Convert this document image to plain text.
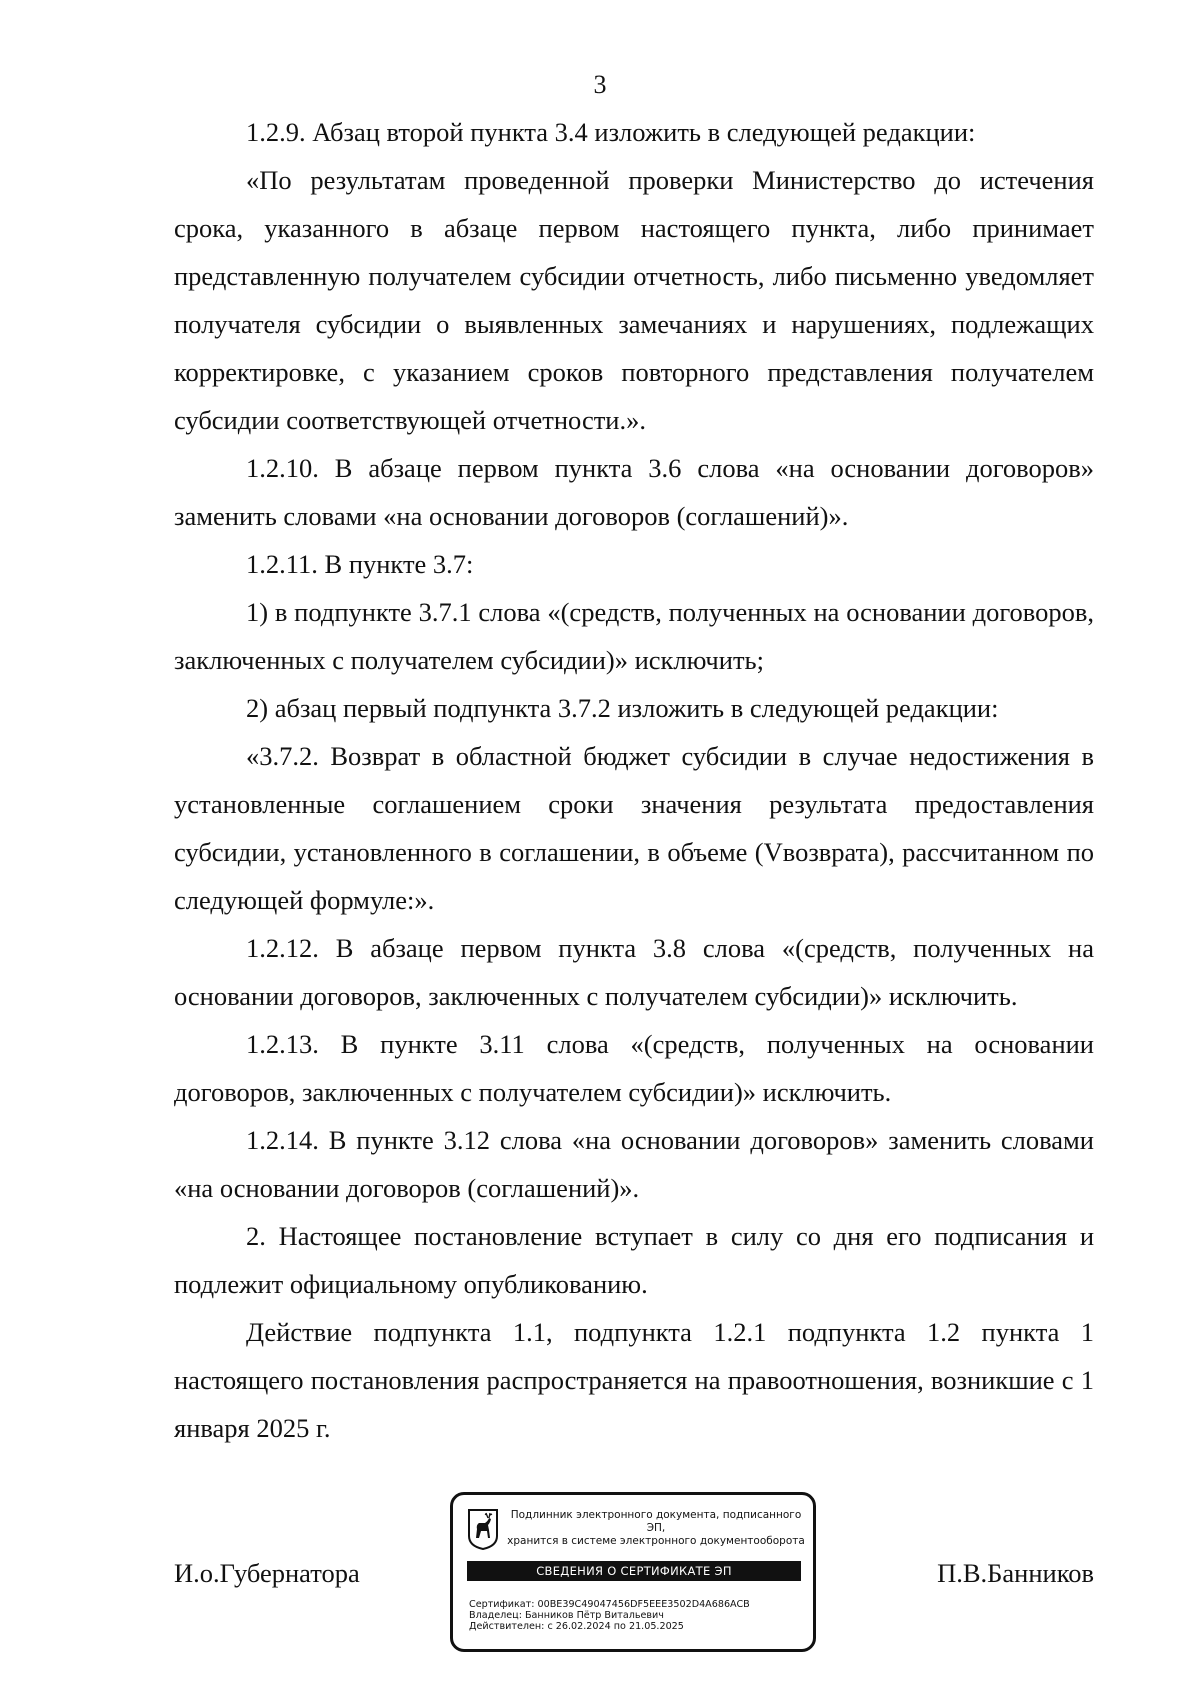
3

1.2.9. Абзац второй пункта 3.4 изложить в следующей редакции:

«По результатам проведенной проверки Министерство до истечения срока, указанного в абзаце первом настоящего пункта, либо принимает представленную получателем субсидии отчетность, либо письменно уведомляет получателя субсидии о выявленных замечаниях и нарушениях, подлежащих корректировке, с указанием сроков повторного представления получателем субсидии соответствующей отчетности.».

1.2.10. В абзаце первом пункта 3.6 слова «на основании договоров» заменить словами «на основании договоров (соглашений)».

1.2.11. В пункте 3.7:

1) в подпункте 3.7.1 слова «(средств, полученных на основании договоров, заключенных с получателем субсидии)» исключить;

2) абзац первый подпункта 3.7.2 изложить в следующей редакции:

«3.7.2. Возврат в областной бюджет субсидии в случае недостижения в установленные соглашением сроки значения результата предоставления субсидии, установленного в соглашении, в объеме (Vвозврата), рассчитанном по следующей формуле:».

1.2.12. В абзаце первом пункта 3.8 слова «(средств, полученных на основании договоров, заключенных с получателем субсидии)» исключить.

1.2.13. В пункте 3.11 слова «(средств, полученных на основании договоров, заключенных с получателем субсидии)» исключить.

1.2.14. В пункте 3.12 слова «на основании договоров» заменить словами «на основании договоров (соглашений)».

2. Настоящее постановление вступает в силу со дня его подписания и подлежит официальному опубликованию.

Действие подпункта 1.1, подпункта 1.2.1 подпункта 1.2 пункта 1 настоящего постановления распространяется на правоотношения, возникшие с 1 января 2025 г.

И.о.Губернатора	П.В.Банников
Подлинник электронного документа, подписанного ЭП,
хранится в системе электронного документооборота
СВЕДЕНИЯ О СЕРТИФИКАТЕ ЭП
Сертификат: 00BE39C49047456DF5EEE3502D4A686ACB
Владелец: Банников Пётр Витальевич
Действителен: с 26.02.2024 по 21.05.2025
